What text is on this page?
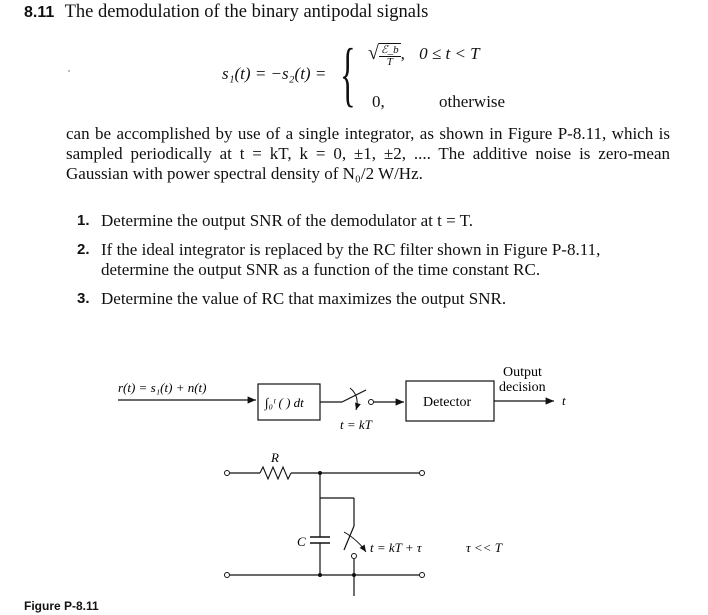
8.11 The demodulation of the binary antipodal signals
s₁(t) = −s₂(t) = { √ $\frac{\text{ℰ\_b}}{T}$ , 0 ≤ t < T
0,	otherwise
can be accomplished by use of a single integrator, as shown in Figure P-8.11, which is sampled periodically at t = kT, k = 0, ±1, ±2, .... The additive noise is zero-mean Gaussian with power spectral density of N₀/2 W/Hz.
1. Determine the output SNR of the demodulator at t = T.
2. If the ideal integrator is replaced by the RC filter shown in Figure P-8.11, determine the output SNR as a function of the time constant RC.
3. Determine the value of RC that maximizes the output SNR.
r(t) = s₁(t) + n(t)
∫₀ᵗ ( ) dt
t = kT
Detector
Output
decision
t
R
C	t = kT + τ	τ << T
Figure P-8.11
